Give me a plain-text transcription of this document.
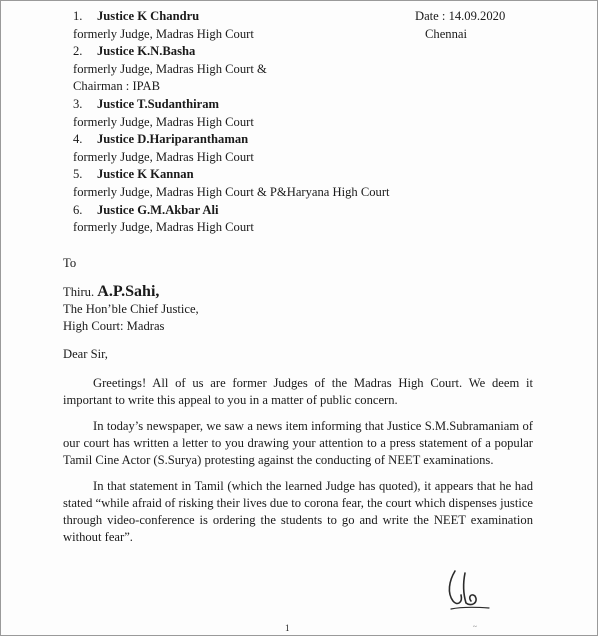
1.	Justice K Chandru
formerly Judge, Madras High Court
2.	Justice K.N.Basha
formerly Judge, Madras High Court &
Chairman : IPAB
3.	Justice T.Sudanthiram
formerly Judge, Madras High Court
4.	Justice D.Hariparanthaman
formerly Judge, Madras High Court
5.	Justice K Kannan
formerly Judge, Madras High Court & P&Haryana High Court
6.	Justice G.M.Akbar Ali
formerly Judge, Madras High Court
Date : 14.09.2020
Chennai
To
Thiru. A.P.Sahi,
The Hon’ble Chief Justice,
High Court: Madras
Dear Sir,

Greetings! All of us are former Judges of the Madras High Court. We deem it important to write this appeal to you in a matter of public concern.

In today’s newspaper, we saw a news item informing that Justice S.M.Subramaniam of our court has written a letter to you drawing your attention to a press statement of a popular Tamil Cine Actor (S.Surya) protesting against the conducting of NEET examinations.

In that statement in Tamil (which the learned Judge has quoted), it appears that he had stated “while afraid of risking their lives due to corona fear, the court which dispenses justice through video-conference is ordering the students to go and write the NEET examination without fear”.

1	~
